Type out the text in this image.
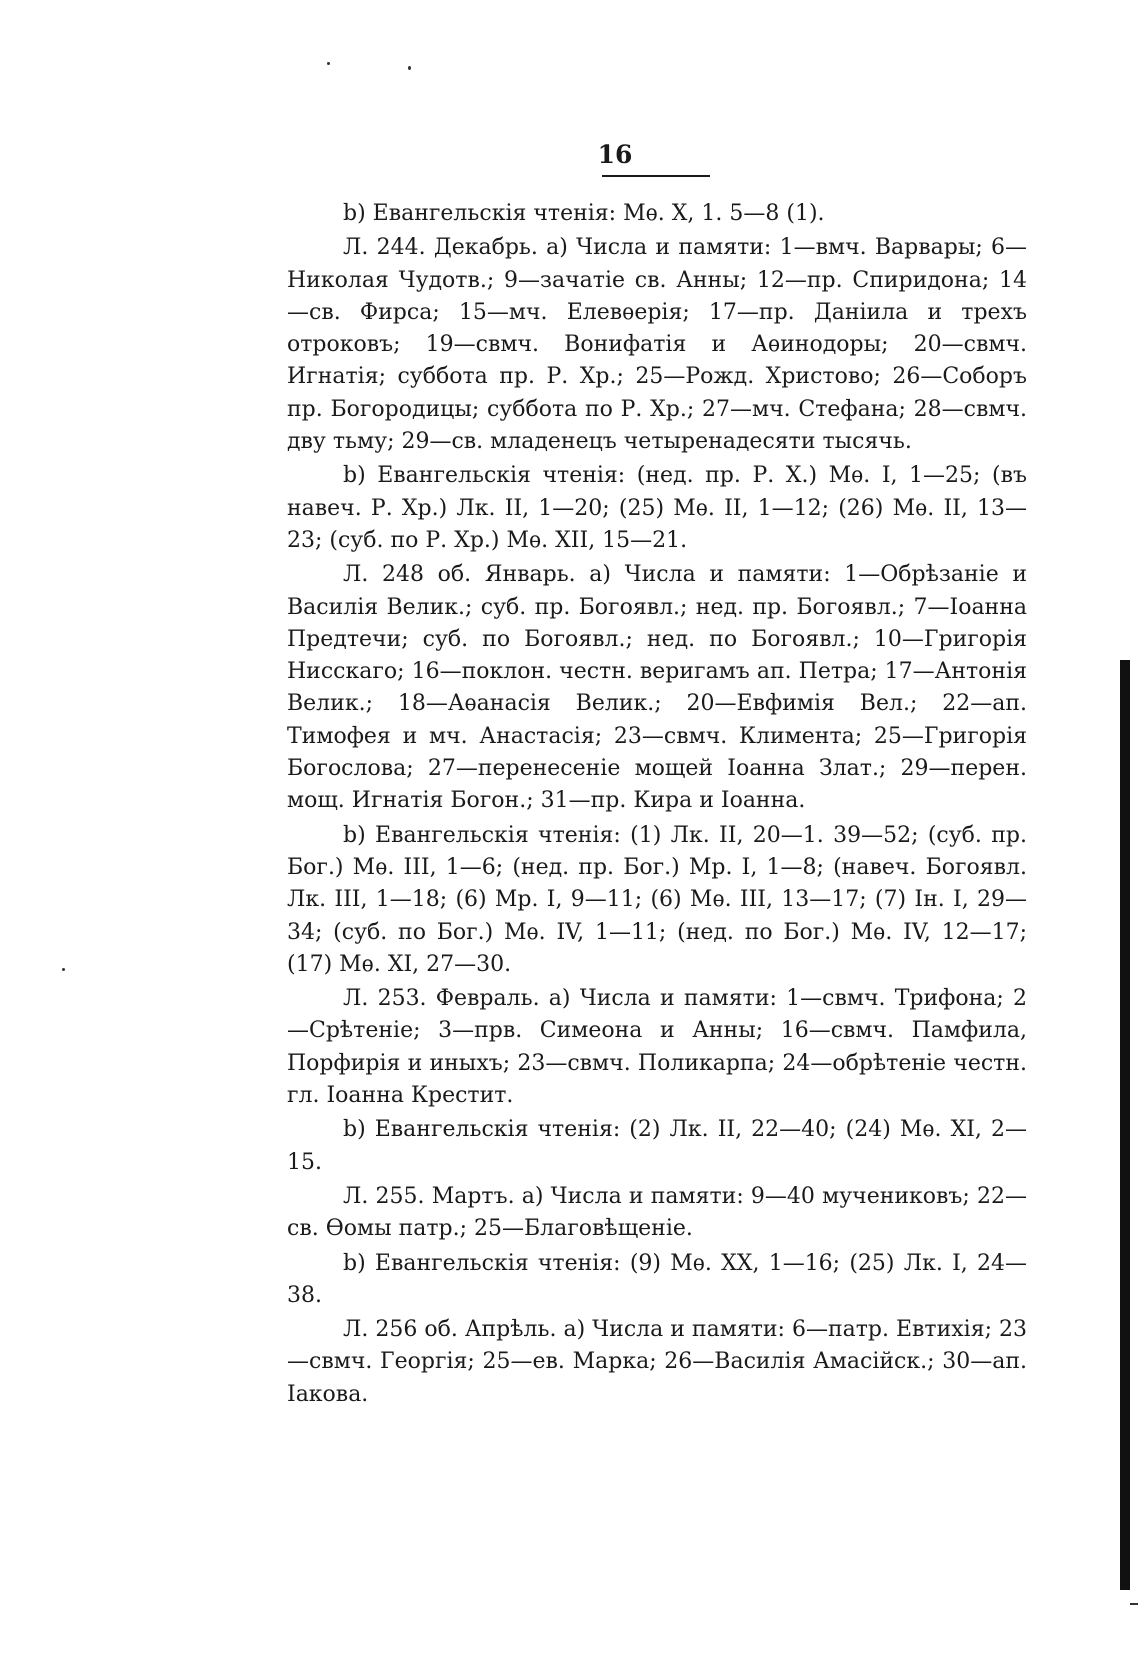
16

b) Евангельскія чтенія: Мѳ. X, 1. 5—8 (1).

Л. 244. Декабрь. а) Числа и памяти: 1—вмч. Варвары; 6—Николая Чудотв.; 9—зачатіе св. Анны; 12—пр. Спиридона; 14—св. Фирса; 15—мч. Елевѳерія; 17—пр. Даніила и трехъ отроковъ; 19—свмч. Вонифатія и Аѳинодоры; 20—свмч. Игнатія; суббота пр. Р. Хр.; 25—Рожд. Христово; 26—Соборъ пр. Богородицы; суббота по Р. Хр.; 27—мч. Стефана; 28—свмч. дву тьму; 29—св. младенецъ четыренадесяти тысячь.

b) Евангельскія чтенія: (нед. пр. Р. Х.) Мѳ. I, 1—25; (въ навеч. Р. Хр.) Лк. II, 1—20; (25) Мѳ. II, 1—12; (26) Мѳ. II, 13—23; (суб. по Р. Хр.) Мѳ. XII, 15—21.

Л. 248 об. Январь. а) Числа и памяти: 1—Обрѣзаніе и Василія Велик.; суб. пр. Богоявл.; нед. пр. Богоявл.; 7—Іоанна Предтечи; суб. по Богоявл.; нед. по Богоявл.; 10—Григорія Нисскаго; 16—поклон. честн. веригамъ ап. Петра; 17—Антонія Велик.; 18—Аѳанасія Велик.; 20—Евфимія Вел.; 22—ап. Тимофея и мч. Анастасія; 23—свмч. Климента; 25—Григорія Богослова; 27—перенесеніе мощей Іоанна Злат.; 29—перен. мощ. Игнатія Богон.; 31—пр. Кира и Іоанна.

b) Евангельскія чтенія: (1) Лк. II, 20—1. 39—52; (суб. пр. Бог.) Мѳ. III, 1—6; (нед. пр. Бог.) Мр. I, 1—8; (навеч. Богоявл. Лк. III, 1—18; (6) Мр. I, 9—11; (6) Мѳ. III, 13—17; (7) Ін. I, 29—34; (суб. по Бог.) Мѳ. IV, 1—11; (нед. по Бог.) Мѳ. IV, 12—17; (17) Мѳ. XI, 27—30.

Л. 253. Февраль. а) Числа и памяти: 1—свмч. Трифона; 2—Срѣтеніе; 3—прв. Симеона и Анны; 16—свмч. Памфила, Порфирія и иныхъ; 23—свмч. Поликарпа; 24—обрѣтеніе честн. гл. Іоанна Крестит.

b) Евангельскія чтенія: (2) Лк. II, 22—40; (24) Мѳ. XI, 2—15.

Л. 255. Мартъ. а) Числа и памяти: 9—40 мучениковъ; 22—св. Ѳомы патр.; 25—Благовѣщеніе.

b) Евангельскія чтенія: (9) Мѳ. XX, 1—16; (25) Лк. I, 24—38.

Л. 256 об. Апрѣль. а) Числа и памяти: 6—патр. Евтихія; 23—свмч. Георгія; 25—ев. Марка; 26—Василія Амасійск.; 30—ап. Іакова.
